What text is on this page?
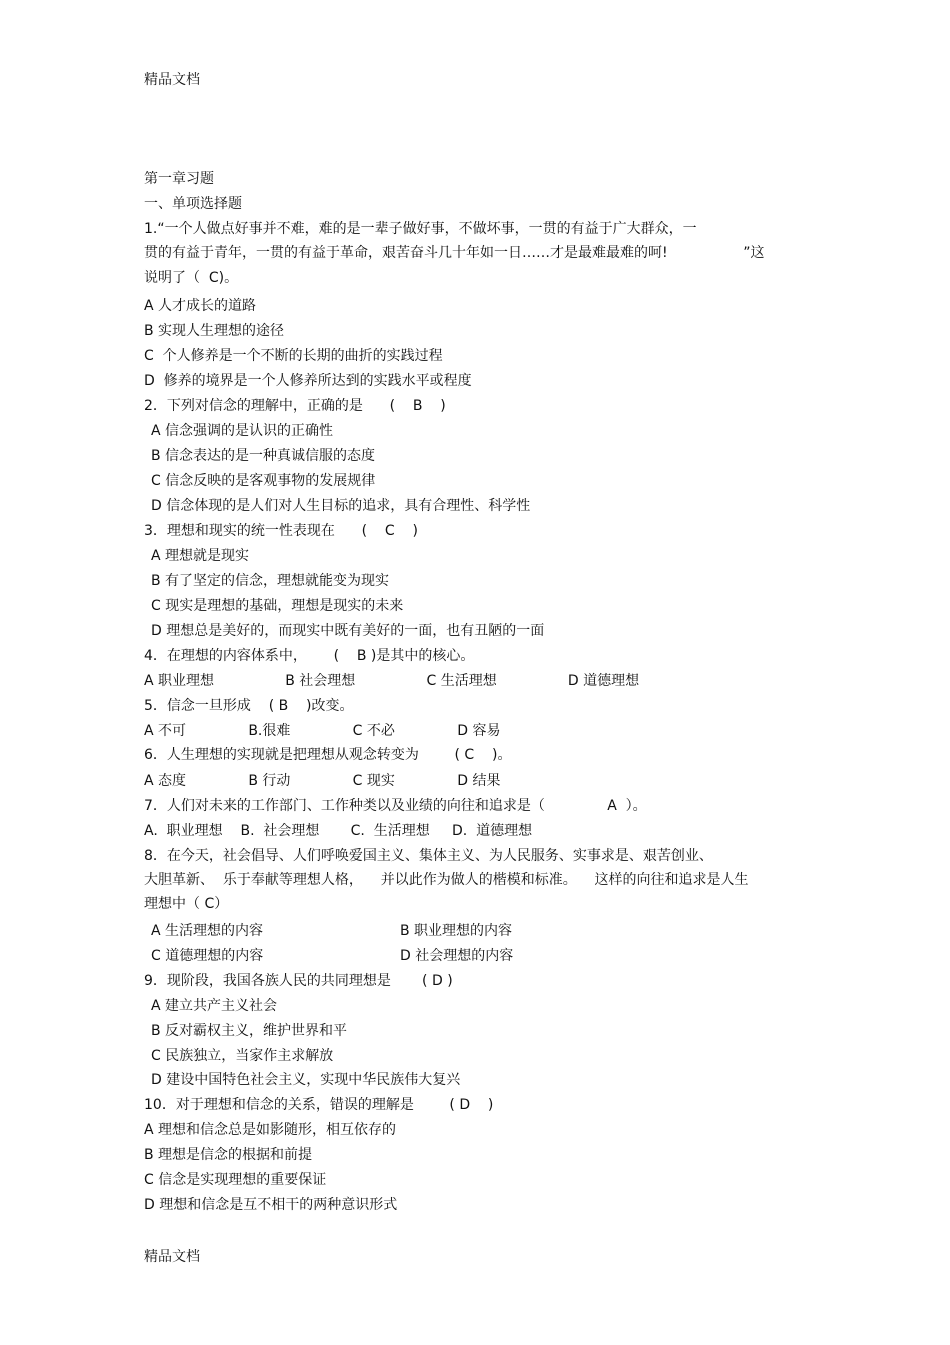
精品文档
第一章习题
一、单项选择题
1.“一个人做点好事并不难，难的是一辈子做好事，不做坏事，一贯的有益于广大群众，一
贯的有益于青年，一贯的有益于革命，艰苦奋斗几十年如一日……才是最难最难的呵!                 ”这
说明了（  C)。
A 人才成长的道路
B 实现人生理想的途径
C  个人修养是一个不断的长期的曲折的实践过程
D  修养的境界是一个人修养所达到的实践水平或程度
2．下列对信念的理解中，正确的是      (    B    )
A 信念强调的是认识的正确性
B 信念表达的是一种真诚信服的态度
C 信念反映的是客观事物的发展规律
D 信念体现的是人们对人生目标的追求，具有合理性、科学性
3．理想和现实的统一性表现在      (    C    )
A 理想就是现实
B 有了坚定的信念，理想就能变为现实
C 现实是理想的基础，理想是现实的未来
D 理想总是美好的，而现实中既有美好的一面，也有丑陋的一面
4．在理想的内容体系中，      (    B )是其中的核心。
A 职业理想                B 社会理想                C 生活理想                D 道德理想
5．信念一旦形成    ( B    )改变。
A 不可              B.很难              C 不必              D 容易
6．人生理想的实现就是把理想从观念转变为        ( C    )。
A 态度              B 行动              C 现实              D 结果
7．人们对未来的工作部门、工作种类以及业绩的向往和追求是（              A  ）。
A.  职业理想    B.  社会理想       C.  生活理想     D.  道德理想
8．在今天，社会倡导、人们呼唤爱国主义、集体主义、为人民服务、实事求是、艰苦创业、
大胆革新、  乐于奉献等理想人格，    并以此作为做人的楷模和标准。    这样的向往和追求是人生
理想中（ C）
A 生活理想的内容	B 职业理想的内容
C 道德理想的内容	D 社会理想的内容
9．现阶段，我国各族人民的共同理想是       ( D )
A 建立共产主义社会
B 反对霸权主义，维护世界和平
C 民族独立，当家作主求解放
D 建设中国特色社会主义，实现中华民族伟大复兴
10．对于理想和信念的关系，错误的理解是        ( D    )
A 理想和信念总是如影随形，相互依存的
B 理想是信念的根据和前提
C 信念是实现理想的重要保证
D 理想和信念是互不相干的两种意识形式
精品文档
